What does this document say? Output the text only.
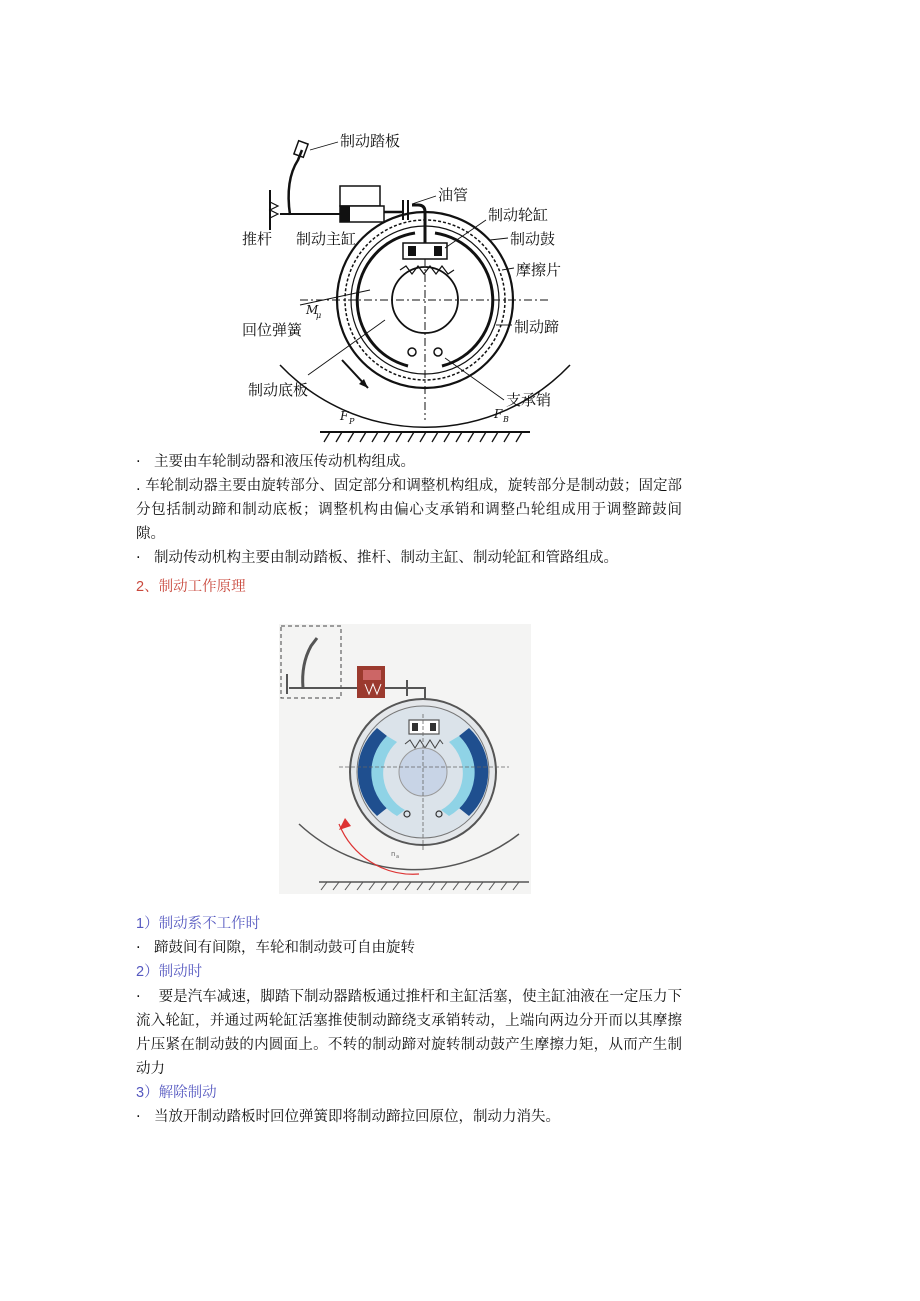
制动踏板
油管
制动轮缸
制动鼓
推杆 制动主缸
摩擦片
M
μ
回位弹簧	制动蹄
制动底板
支承销
F P
F B
· 主要由车轮制动器和液压传动机构组成。
. 车轮制动器主要由旋转部分、固定部分和调整机构组成，旋转部分是制动鼓；固定部分包括制动蹄和制动底板；调整机构由偏心支承销和调整凸轮组成用于调整蹄鼓间隙。
· 制动传动机构主要由制动踏板、推杆、制动主缸、制动轮缸和管路组成。
2、制动工作原理
n a
1）制动系不工作时
· 蹄鼓间有间隙，车轮和制动鼓可自由旋转
2）制动时
· 要是汽车减速，脚踏下制动器踏板通过推杆和主缸活塞，使主缸油液在一定压力下流入轮缸，并通过两轮缸活塞推使制动蹄绕支承销转动，上端向两边分开而以其摩擦片压紧在制动鼓的内圆面上。不转的制动蹄对旋转制动鼓产生摩擦力矩，从而产生制动力
3）解除制动
· 当放开制动踏板时回位弹簧即将制动蹄拉回原位，制动力消失。
